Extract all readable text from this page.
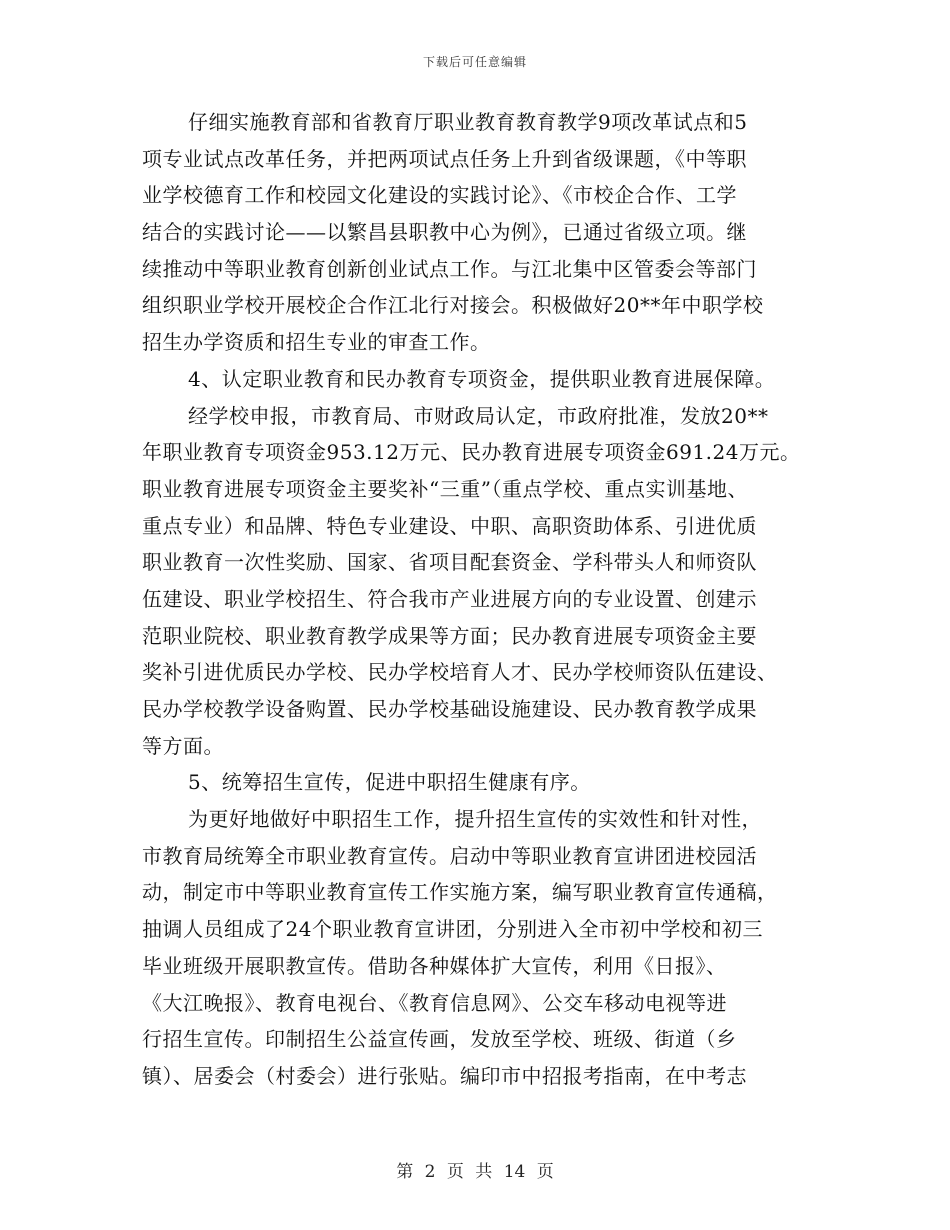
下载后可任意编辑
仔细实施教育部和省教育厅职业教育教育教学9项改革试点和5
项专业试点改革任务，并把两项试点任务上升到省级课题，《中等职
业学校德育工作和校园文化建设的实践讨论》、《市校企合作、工学
结合的实践讨论——以繁昌县职教中心为例》，已通过省级立项。继
续推动中等职业教育创新创业试点工作。与江北集中区管委会等部门
组织职业学校开展校企合作江北行对接会。积极做好20**年中职学校
招生办学资质和招生专业的审查工作。
4、认定职业教育和民办教育专项资金，提供职业教育进展保障。
经学校申报，市教育局、市财政局认定，市政府批准，发放20**
年职业教育专项资金953.12万元、民办教育进展专项资金691.24万元。
职业教育进展专项资金主要奖补“三重”（重点学校、重点实训基地、
重点专业）和品牌、特色专业建设、中职、高职资助体系、引进优质
职业教育一次性奖励、国家、省项目配套资金、学科带头人和师资队
伍建设、职业学校招生、符合我市产业进展方向的专业设置、创建示
范职业院校、职业教育教学成果等方面；民办教育进展专项资金主要
奖补引进优质民办学校、民办学校培育人才、民办学校师资队伍建设、
民办学校教学设备购置、民办学校基础设施建设、民办教育教学成果
等方面。
5、统筹招生宣传，促进中职招生健康有序。
为更好地做好中职招生工作，提升招生宣传的实效性和针对性，
市教育局统筹全市职业教育宣传。启动中等职业教育宣讲团进校园活
动，制定市中等职业教育宣传工作实施方案，编写职业教育宣传通稿，
抽调人员组成了24个职业教育宣讲团，分别进入全市初中学校和初三
毕业班级开展职教宣传。借助各种媒体扩大宣传，利用《日报》、
《大江晚报》、教育电视台、《教育信息网》、公交车移动电视等进
行招生宣传。印制招生公益宣传画，发放至学校、班级、街道（乡
镇）、居委会（村委会）进行张贴。编印市中招报考指南，在中考志
第 2 页 共 14 页
